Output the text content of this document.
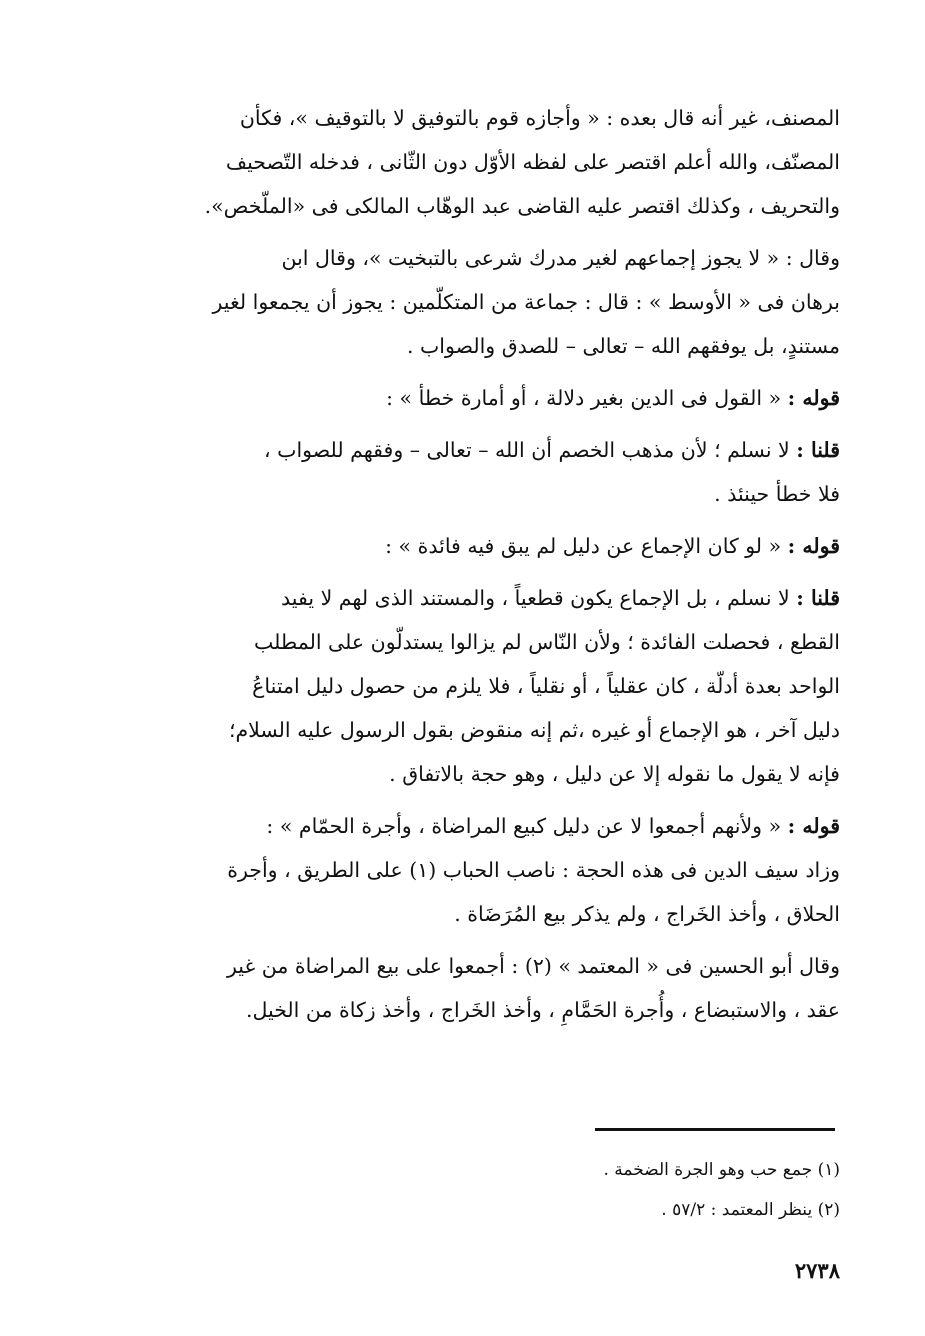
المصنف، غير أنه قال بعده : « وأجازه قوم بالتوفيق لا بالتوقيف »، فكأن
المصنّف، والله أعلم اقتصر على لفظه الأوّل دون الثّانى ، فدخله التّصحيف
والتحريف ، وكذلك اقتصر عليه القاضى عبد الوهّاب المالكى فى «الملّخص».

وقال : « لا يجوز إجماعهم لغير مدرك شرعى بالتبخيت »، وقال ابن
برهان فى « الأوسط » : قال : جماعة من المتكلّمين : يجوز أن يجمعوا لغير
مستندٍ، بل يوفقهم الله – تعالى – للصدق والصواب .

قوله : « القول فى الدين بغير دلالة ، أو أمارة خطأ » :

قلنا : لا نسلم ؛ لأن مذهب الخصم أن الله – تعالى – وفقهم للصواب ،
فلا خطأ حينئذ .

قوله : « لو كان الإجماع عن دليل لم يبق فيه فائدة » :

قلنا : لا نسلم ، بل الإجماع يكون قطعياً ، والمستند الذى لهم لا يفيد
القطع ، فحصلت الفائدة ؛ ولأن النّاس لم يزالوا يستدلّون على المطلب
الواحد بعدة أدلّة ، كان عقلياً ، أو نقلياً ، فلا يلزم من حصول دليل امتناعُ
دليل آخر ، هو الإجماع أو غيره ،ثم إنه منقوض بقول الرسول عليه السلام؛
فإنه لا يقول ما نقوله إلا عن دليل ، وهو حجة بالاتفاق .

قوله : « ولأنهم أجمعوا لا عن دليل كبيع المراضاة ، وأجرة الحمّام » :
وزاد سيف الدين فى هذه الحجة : ناصب الحباب (١) على الطريق ، وأجرة
الحلاق ، وأخذ الخَراج ، ولم يذكر بيع المُرَضَاة .

وقال أبو الحسين فى « المعتمد » (٢) : أجمعوا على بيع المراضاة من غير
عقد ، والاستبضاع ، وأُجرة الحَمَّامِ ، وأخذ الخَراج ، وأخذ زكاة من الخيل.

(١) جمع حب وهو الجرة الضخمة .
(٢) ينظر المعتمد : ٥٧/٢ .
٢٧٣٨
